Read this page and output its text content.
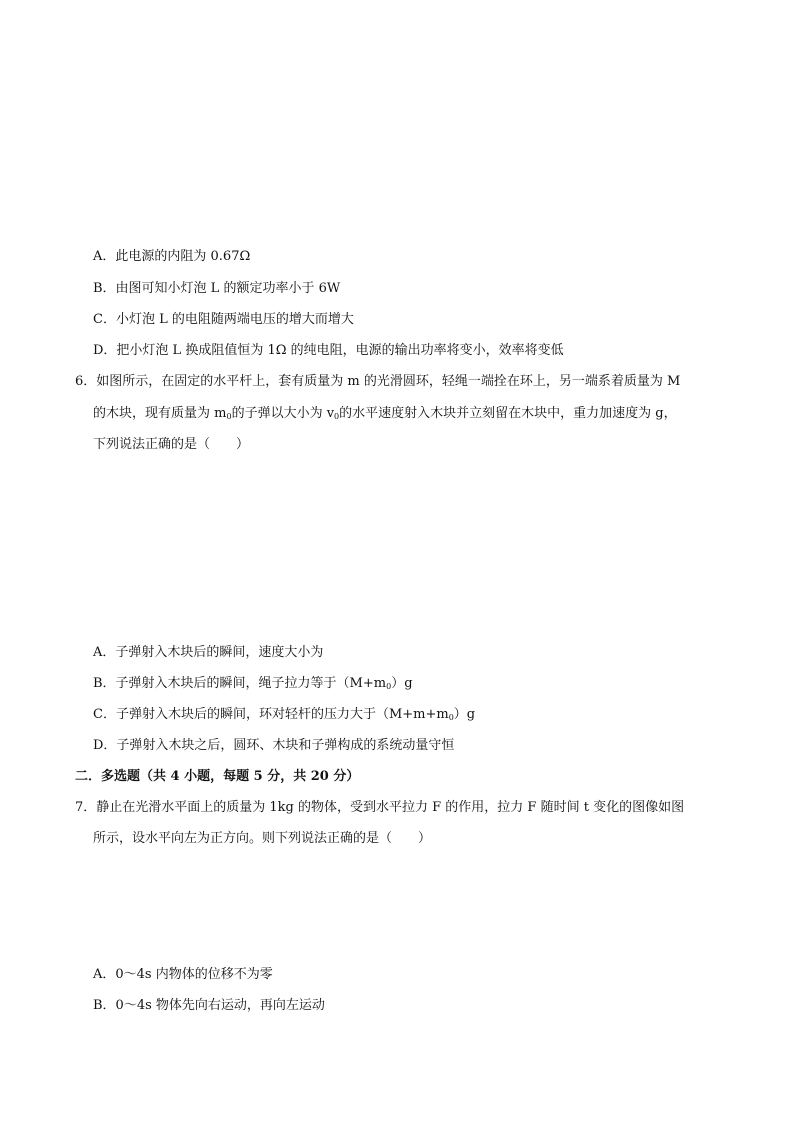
A．此电源的内阻为 0.67Ω
B．由图可知小灯泡 L 的额定功率小于 6W
C．小灯泡 L 的电阻随两端电压的增大而增大
D．把小灯泡 L 换成阻值恒为 1Ω 的纯电阻，电源的输出功率将变小，效率将变低
6．如图所示，在固定的水平杆上，套有质量为 m 的光滑圆环，轻绳一端拴在环上，另一端系着质量为 M
的木块，现有质量为 $m_0$的子弹以大小为 $v_0$的水平速度射入木块并立刻留在木块中，重力加速度为 g，
下列说法正确的是（　　）
A．子弹射入木块后的瞬间，速度大小为
B．子弹射入木块后的瞬间，绳子拉力等于$(M+m_0)g$
C．子弹射入木块后的瞬间，环对轻杆的压力大于$(M+m+m_0)g$
D．子弹射入木块之后，圆环、木块和子弹构成的系统动量守恒
二．多选题（共 4 小题，每题 5 分，共 20 分）
7．静止在光滑水平面上的质量为 1kg 的物体，受到水平拉力 F 的作用，拉力 F 随时间 t 变化的图像如图
所示，设水平向左为正方向。则下列说法正确的是（　　）
A．0～4s 内物体的位移不为零
B．0～4s 物体先向右运动，再向左运动
